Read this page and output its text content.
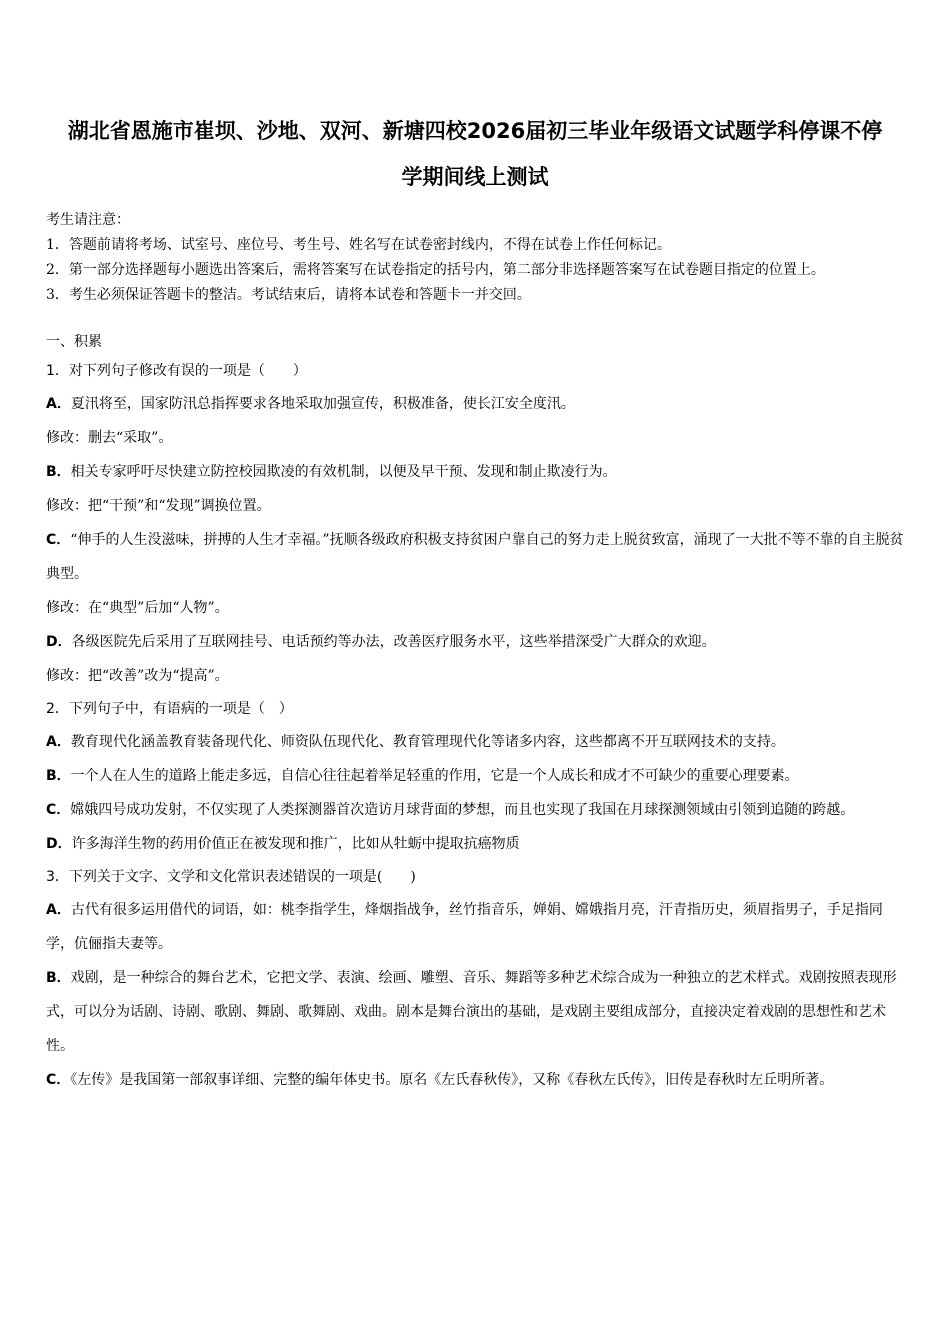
湖北省恩施市崔坝、沙地、双河、新塘四校2026届初三毕业年级语文试题学科停课不停
学期间线上测试

考生请注意：

1．答题前请将考场、试室号、座位号、考生号、姓名写在试卷密封线内，不得在试卷上作任何标记。

2．第一部分选择题每小题选出答案后，需将答案写在试卷指定的括号内，第二部分非选择题答案写在试卷题目指定的位置上。

3．考生必须保证答题卡的整洁。考试结束后，请将本试卷和答题卡一并交回。

一、积累

1．对下列句子修改有误的一项是（　　）

A．夏汛将至，国家防汛总指挥要求各地采取加强宣传，积极准备，使长江安全度汛。

修改：删去“采取”。

B．相关专家呼吁尽快建立防控校园欺凌的有效机制，以便及早干预、发现和制止欺凌行为。

修改：把“干预”和“发现”调换位置。

C．“伸手的人生没滋味，拼搏的人生才幸福。”抚顺各级政府积极支持贫困户靠自己的努力走上脱贫致富，涌现了一大批不等不靠的自主脱贫典型。

修改：在“典型”后加“人物”。

D．各级医院先后采用了互联网挂号、电话预约等办法，改善医疗服务水平，这些举措深受广大群众的欢迎。

修改：把“改善”改为“提高”。

2．下列句子中，有语病的一项是（　）

A．教育现代化涵盖教育装备现代化、师资队伍现代化、教育管理现代化等诸多内容，这些都离不开互联网技术的支持。

B．一个人在人生的道路上能走多远，自信心往往起着举足轻重的作用，它是一个人成长和成才不可缺少的重要心理要素。

C．嫦娥四号成功发射，不仅实现了人类探测器首次造访月球背面的梦想，而且也实现了我国在月球探测领域由引领到追随的跨越。

D．许多海洋生物的药用价值正在被发现和推广，比如从牡蛎中提取抗癌物质

3．下列关于文字、文学和文化常识表述错误的一项是(　　)

A．古代有很多运用借代的词语，如：桃李指学生，烽烟指战争，丝竹指音乐，婵娟、嫦娥指月亮，汗青指历史，须眉指男子，手足指同学，伉俪指夫妻等。

B．戏剧，是一种综合的舞台艺术，它把文学、表演、绘画、雕塑、音乐、舞蹈等多种艺术综合成为一种独立的艺术样式。戏剧按照表现形式，可以分为话剧、诗剧、歌剧、舞剧、歌舞剧、戏曲。剧本是舞台演出的基础，是戏剧主要组成部分，直接决定着戏剧的思想性和艺术性。

C．《左传》是我国第一部叙事详细、完整的编年体史书。原名《左氏春秋传》，又称《春秋左氏传》，旧传是春秋时左丘明所著。
